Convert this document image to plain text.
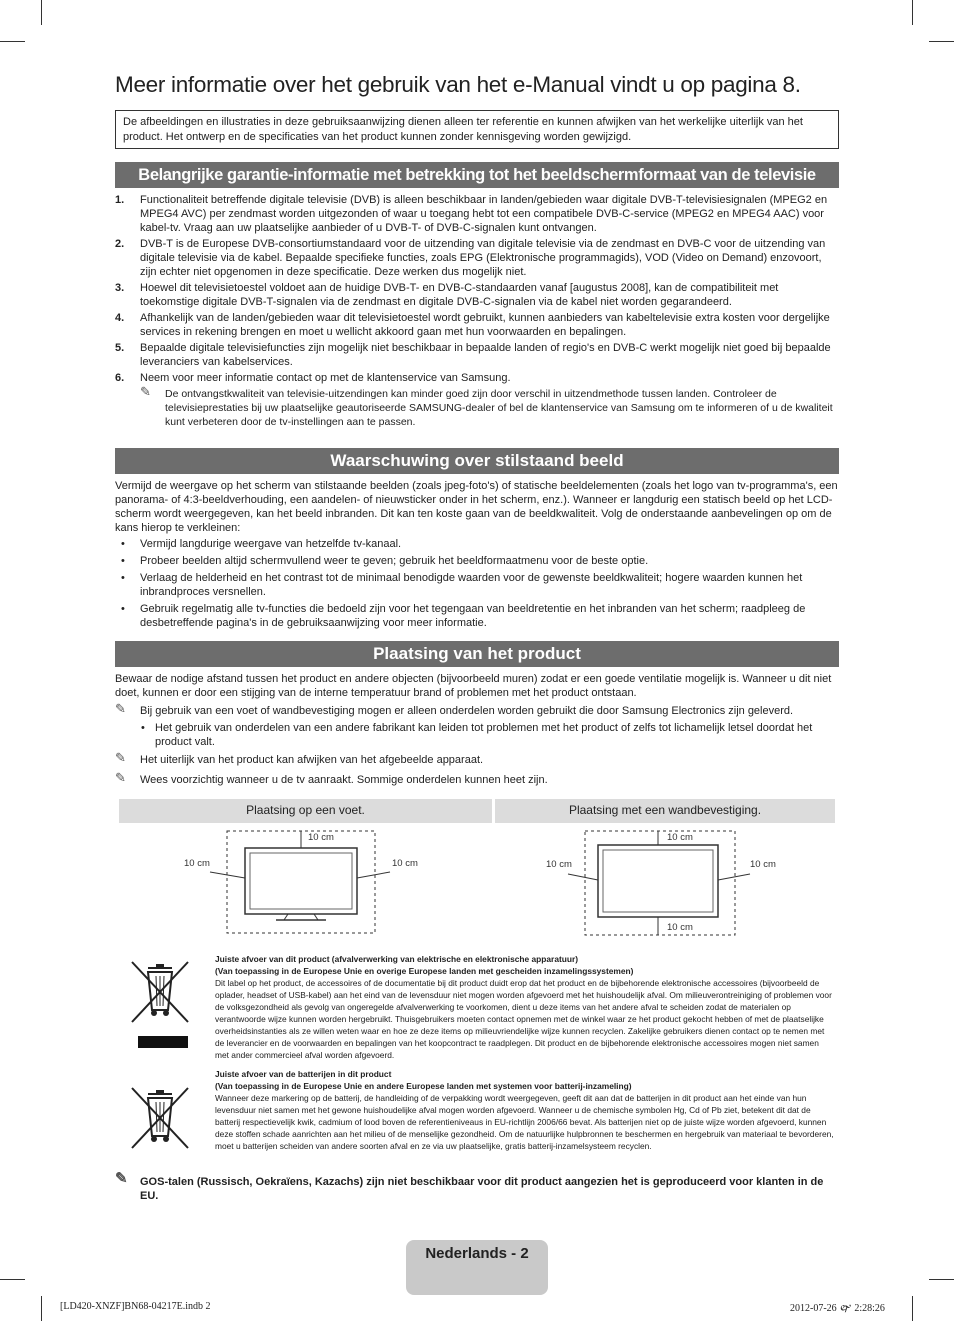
Meer informatie over het gebruik van het e-Manual vindt u op pagina 8.
De afbeeldingen en illustraties in deze gebruiksaanwijzing dienen alleen ter referentie en kunnen afwijken van het werkelijke uiterlijk van het product. Het ontwerp en de specificaties van het product kunnen zonder kennisgeving worden gewijzigd.
Belangrijke garantie-informatie met betrekking tot het beeldschermformaat van de televisie
1. Functionaliteit betreffende digitale televisie (DVB) is alleen beschikbaar in landen/gebieden waar digitale DVB-T-televisiesignalen (MPEG2 en MPEG4 AVC) per zendmast worden uitgezonden of waar u toegang hebt tot een compatibele DVB-C-service (MPEG2 en MPEG4 AAC) voor kabel-tv. Vraag aan uw plaatselijke aanbieder of u DVB-T- of DVB-C-signalen kunt ontvangen.
2. DVB-T is de Europese DVB-consortiumstandaard voor de uitzending van digitale televisie via de zendmast en DVB-C voor de uitzending van digitale televisie via de kabel. Bepaalde specifieke functies, zoals EPG (Elektronische programmagids), VOD (Video on Demand) enzovoort, zijn echter niet opgenomen in deze specificatie. Deze werken dus mogelijk niet.
3. Hoewel dit televisietoestel voldoet aan de huidige DVB-T- en DVB-C-standaarden vanaf [augustus 2008], kan de compatibiliteit met toekomstige digitale DVB-T-signalen via de zendmast en digitale DVB-C-signalen via de kabel niet worden gegarandeerd.
4. Afhankelijk van de landen/gebieden waar dit televisietoestel wordt gebruikt, kunnen aanbieders van kabeltelevisie extra kosten voor dergelijke services in rekening brengen en moet u wellicht akkoord gaan met hun voorwaarden en bepalingen.
5. Bepaalde digitale televisiefuncties zijn mogelijk niet beschikbaar in bepaalde landen of regio's en DVB-C werkt mogelijk niet goed bij bepaalde leveranciers van kabelservices.
6. Neem voor meer informatie contact op met de klantenservice van Samsung.
✎ De ontvangstkwaliteit van televisie-uitzendingen kan minder goed zijn door verschil in uitzendmethode tussen landen. Controleer de televisieprestaties bij uw plaatselijke geautoriseerde SAMSUNG-dealer of bel de klantenservice van Samsung om te informeren of u de kwaliteit kunt verbeteren door de tv-instellingen aan te passen.
Waarschuwing over stilstaand beeld
Vermijd de weergave op het scherm van stilstaande beelden (zoals jpeg-foto's) of statische beeldelementen (zoals het logo van tv-programma's, een panorama- of 4:3-beeldverhouding, een aandelen- of nieuwsticker onder in het scherm, enz.). Wanneer er langdurig een statisch beeld op het LCD-scherm wordt weergegeven, kan het beeld inbranden. Dit kan ten koste gaan van de beeldkwaliteit. Volg de onderstaande aanbevelingen op om de kans hierop te verkleinen:
• Vermijd langdurige weergave van hetzelfde tv-kanaal.
• Probeer beelden altijd schermvullend weer te geven; gebruik het beeldformaatmenu voor de beste optie.
• Verlaag de helderheid en het contrast tot de minimaal benodigde waarden voor de gewenste beeldkwaliteit; hogere waarden kunnen het inbrandproces versnellen.
• Gebruik regelmatig alle tv-functies die bedoeld zijn voor het tegengaan van beeldretentie en het inbranden van het scherm; raadpleeg de desbetreffende pagina's in de gebruiksaanwijzing voor meer informatie.
Plaatsing van het product
Bewaar de nodige afstand tussen het product en andere objecten (bijvoorbeeld muren) zodat er een goede ventilatie mogelijk is. Wanneer u dit niet doet, kunnen er door een stijging van de interne temperatuur brand of problemen met het product ontstaan.
✎ Bij gebruik van een voet of wandbevestiging mogen er alleen onderdelen worden gebruikt die door Samsung Electronics zijn geleverd.
• Het gebruik van onderdelen van een andere fabrikant kan leiden tot problemen met het product of zelfs tot lichamelijk letsel doordat het product valt.
✎ Het uiterlijk van het product kan afwijken van het afgebeelde apparaat.
✎ Wees voorzichtig wanneer u de tv aanraakt. Sommige onderdelen kunnen heet zijn.
Plaatsing op een voet.	Plaatsing met een wandbevestiging.
10 cm
10 cm	10 cm
10 cm
10 cm	10 cm
10 cm
Juiste afvoer van dit product (afvalverwerking van elektrische en elektronische apparatuur)
(Van toepassing in de Europese Unie en overige Europese landen met gescheiden inzamelingssystemen)
Dit label op het product, de accessoires of de documentatie bij dit product duidt erop dat het product en de bijbehorende elektronische accessoires (bijvoorbeeld de oplader, headset of USB-kabel) aan het eind van de levensduur niet mogen worden afgevoerd met het huishoudelijk afval. Om milieuverontreiniging of problemen voor de volksgezondheid als gevolg van ongeregelde afvalverwerking te voorkomen, dient u deze items van het andere afval te scheiden zodat de materialen op verantwoorde wijze kunnen worden hergebruikt. Thuisgebruikers moeten contact opnemen met de winkel waar ze het product gekocht hebben of met de plaatselijke overheidsinstanties als ze willen weten waar en hoe ze deze items op milieuvriendelijke wijze kunnen recyclen. Zakelijke gebruikers dienen contact op te nemen met de leverancier en de voorwaarden en bepalingen van het koopcontract te raadplegen. Dit product en de bijbehorende elektronische accessoires mogen niet samen met ander commercieel afval worden afgevoerd.
Juiste afvoer van de batterijen in dit product
(Van toepassing in de Europese Unie en andere Europese landen met systemen voor batterij-inzameling)
Wanneer deze markering op de batterij, de handleiding of de verpakking wordt weergegeven, geeft dit aan dat de batterijen in dit product aan het einde van hun levensduur niet samen met het gewone huishoudelijke afval mogen worden afgevoerd. Wanneer u de chemische symbolen Hg, Cd of Pb ziet, betekent dit dat de batterij respectievelijk kwik, cadmium of lood boven de referentieniveaus in EU-richtlijn 2006/66 bevat. Als batterijen niet op de juiste wijze worden afgevoerd, kunnen deze stoffen schade aanrichten aan het milieu of de menselijke gezondheid. Om de natuurlijke hulpbronnen te beschermen en hergebruik van materiaal te bevorderen, moet u batterijen scheiden van andere soorten afval en ze via uw plaatselijke, gratis batterij-inzamelsysteem recyclen.
✎	GOS-talen (Russisch, Oekraïens, Kazachs) zijn niet beschikbaar voor dit product aangezien het is geproduceerd voor klanten in de EU.
Nederlands - 2
[LD420-XNZF]BN68-04217E.indb 2	2012-07-26 🙰 2:28:26
